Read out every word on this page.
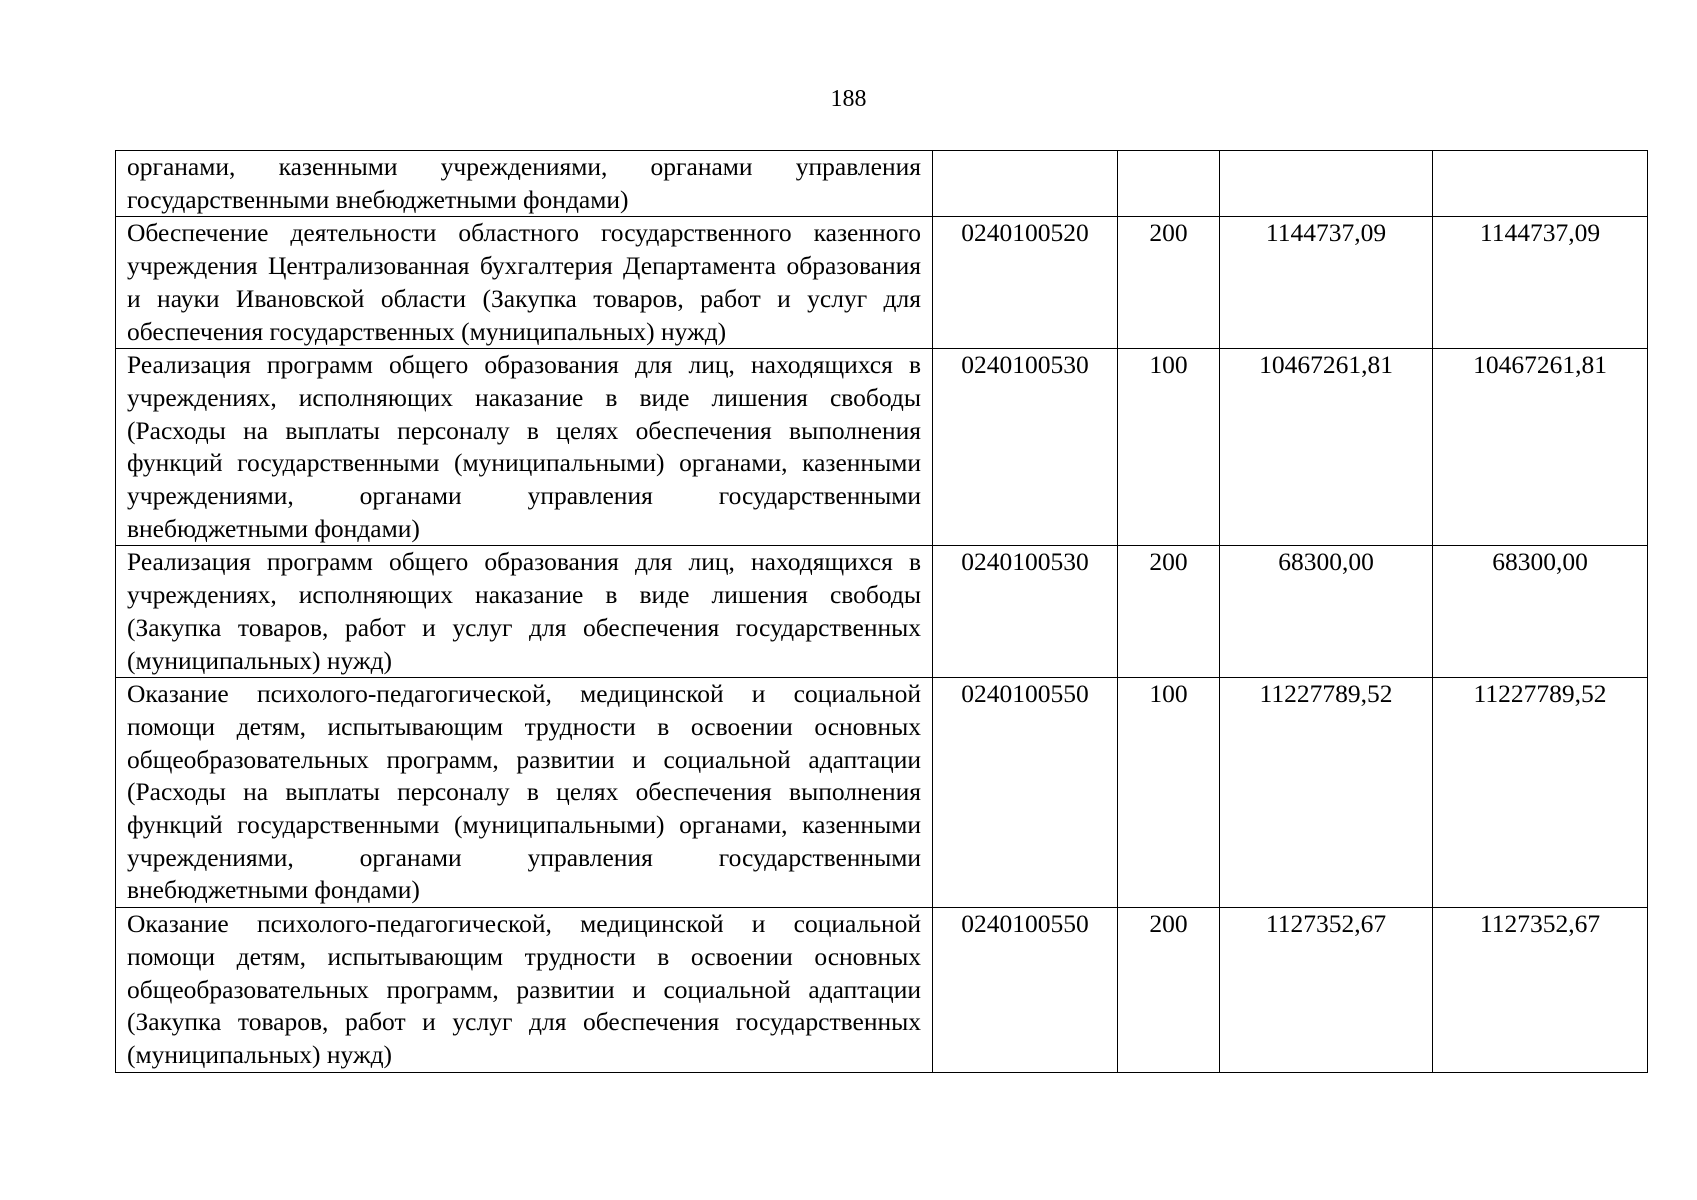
188
органами, казенными учреждениями, органами управления государственными внебюджетными фондами)				
Обеспечение деятельности областного государственного казенного учреждения Централизованная бухгалтерия Департамента образования и науки Ивановской области (Закупка товаров, работ и услуг для обеспечения государственных (муниципальных) нужд)	0240100520	200	1144737,09	1144737,09
Реализация программ общего образования для лиц, находящихся в учреждениях, исполняющих наказание в виде лишения свободы (Расходы на выплаты персоналу в целях обеспечения выполнения функций государственными (муниципальными) органами, казенными учреждениями, органами управления государственными внебюджетными фондами)	0240100530	100	10467261,81	10467261,81
Реализация программ общего образования для лиц, находящихся в учреждениях, исполняющих наказание в виде лишения свободы (Закупка товаров, работ и услуг для обеспечения государственных (муниципальных) нужд)	0240100530	200	68300,00	68300,00
Оказание психолого-педагогической, медицинской и социальной помощи детям, испытывающим трудности в освоении основных общеобразовательных программ, развитии и социальной адаптации (Расходы на выплаты персоналу в целях обеспечения выполнения функций государственными (муниципальными) органами, казенными учреждениями, органами управления государственными внебюджетными фондами)	0240100550	100	11227789,52	11227789,52
Оказание психолого-педагогической, медицинской и социальной помощи детям, испытывающим трудности в освоении основных общеобразовательных программ, развитии и социальной адаптации (Закупка товаров, работ и услуг для обеспечения государственных (муниципальных) нужд)	0240100550	200	1127352,67	1127352,67
